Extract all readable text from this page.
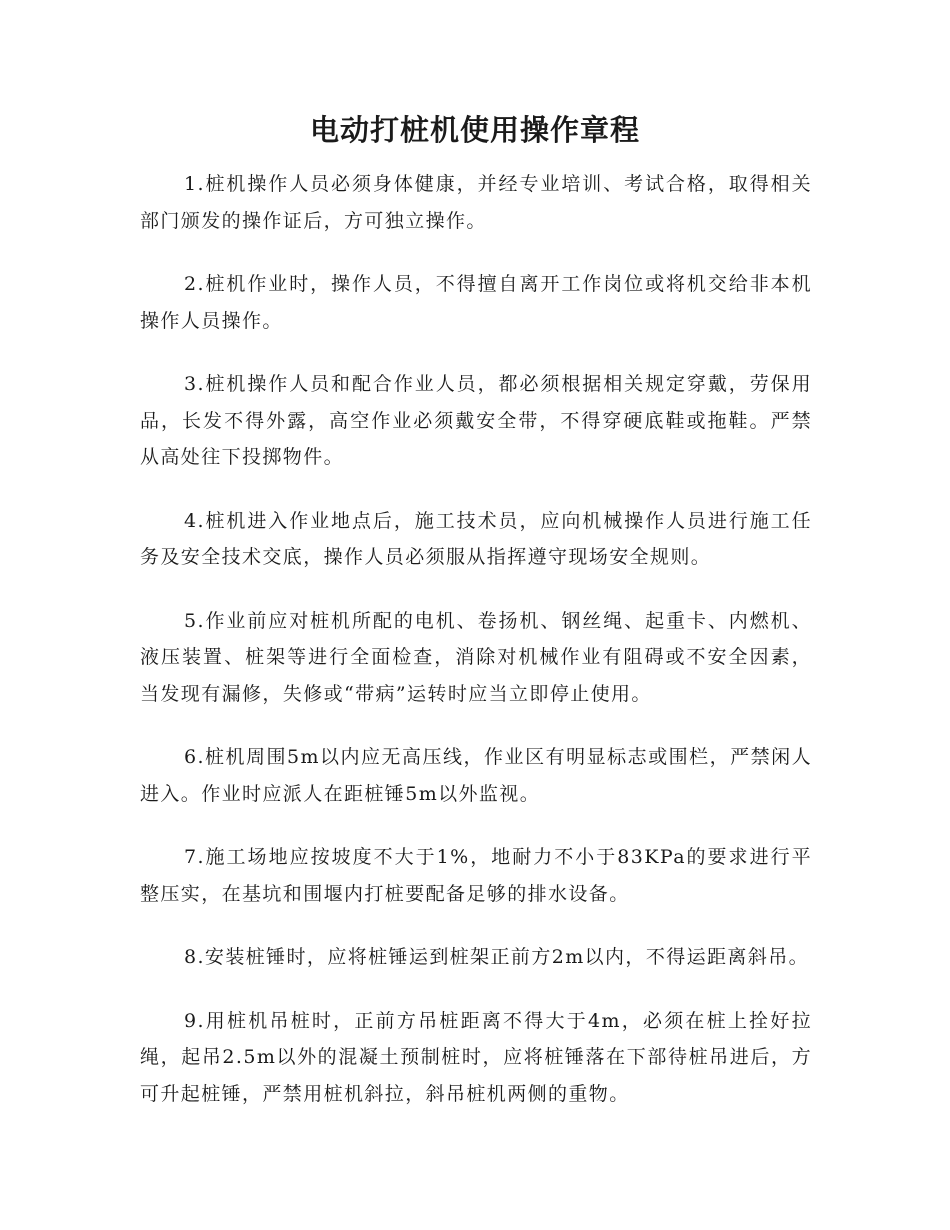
电动打桩机使用操作章程

1.桩机操作人员必须身体健康，并经专业培训、考试合格，取得相关部门颁发的操作证后，方可独立操作。

2.桩机作业时，操作人员，不得擅自离开工作岗位或将机交给非本机操作人员操作。

3.桩机操作人员和配合作业人员，都必须根据相关规定穿戴，劳保用品，长发不得外露，高空作业必须戴安全带，不得穿硬底鞋或拖鞋。严禁从高处往下投掷物件。

4.桩机进入作业地点后，施工技术员，应向机械操作人员进行施工任务及安全技术交底，操作人员必须服从指挥遵守现场安全规则。

5.作业前应对桩机所配的电机、卷扬机、钢丝绳、起重卡、内燃机、液压装置、桩架等进行全面检查，消除对机械作业有阻碍或不安全因素，当发现有漏修，失修或“带病”运转时应当立即停止使用。

6.桩机周围5m以内应无高压线，作业区有明显标志或围栏，严禁闲人进入。作业时应派人在距桩锤5m以外监视。

7.施工场地应按坡度不大于1%，地耐力不小于83KPa的要求进行平整压实，在基坑和围堰内打桩要配备足够的排水设备。

8.安装桩锤时，应将桩锤运到桩架正前方2m以内，不得运距离斜吊。

9.用桩机吊桩时，正前方吊桩距离不得大于4m，必须在桩上拴好拉绳，起吊2.5m以外的混凝土预制桩时，应将桩锤落在下部待桩吊进后，方可升起桩锤，严禁用桩机斜拉，斜吊桩机两侧的重物。
